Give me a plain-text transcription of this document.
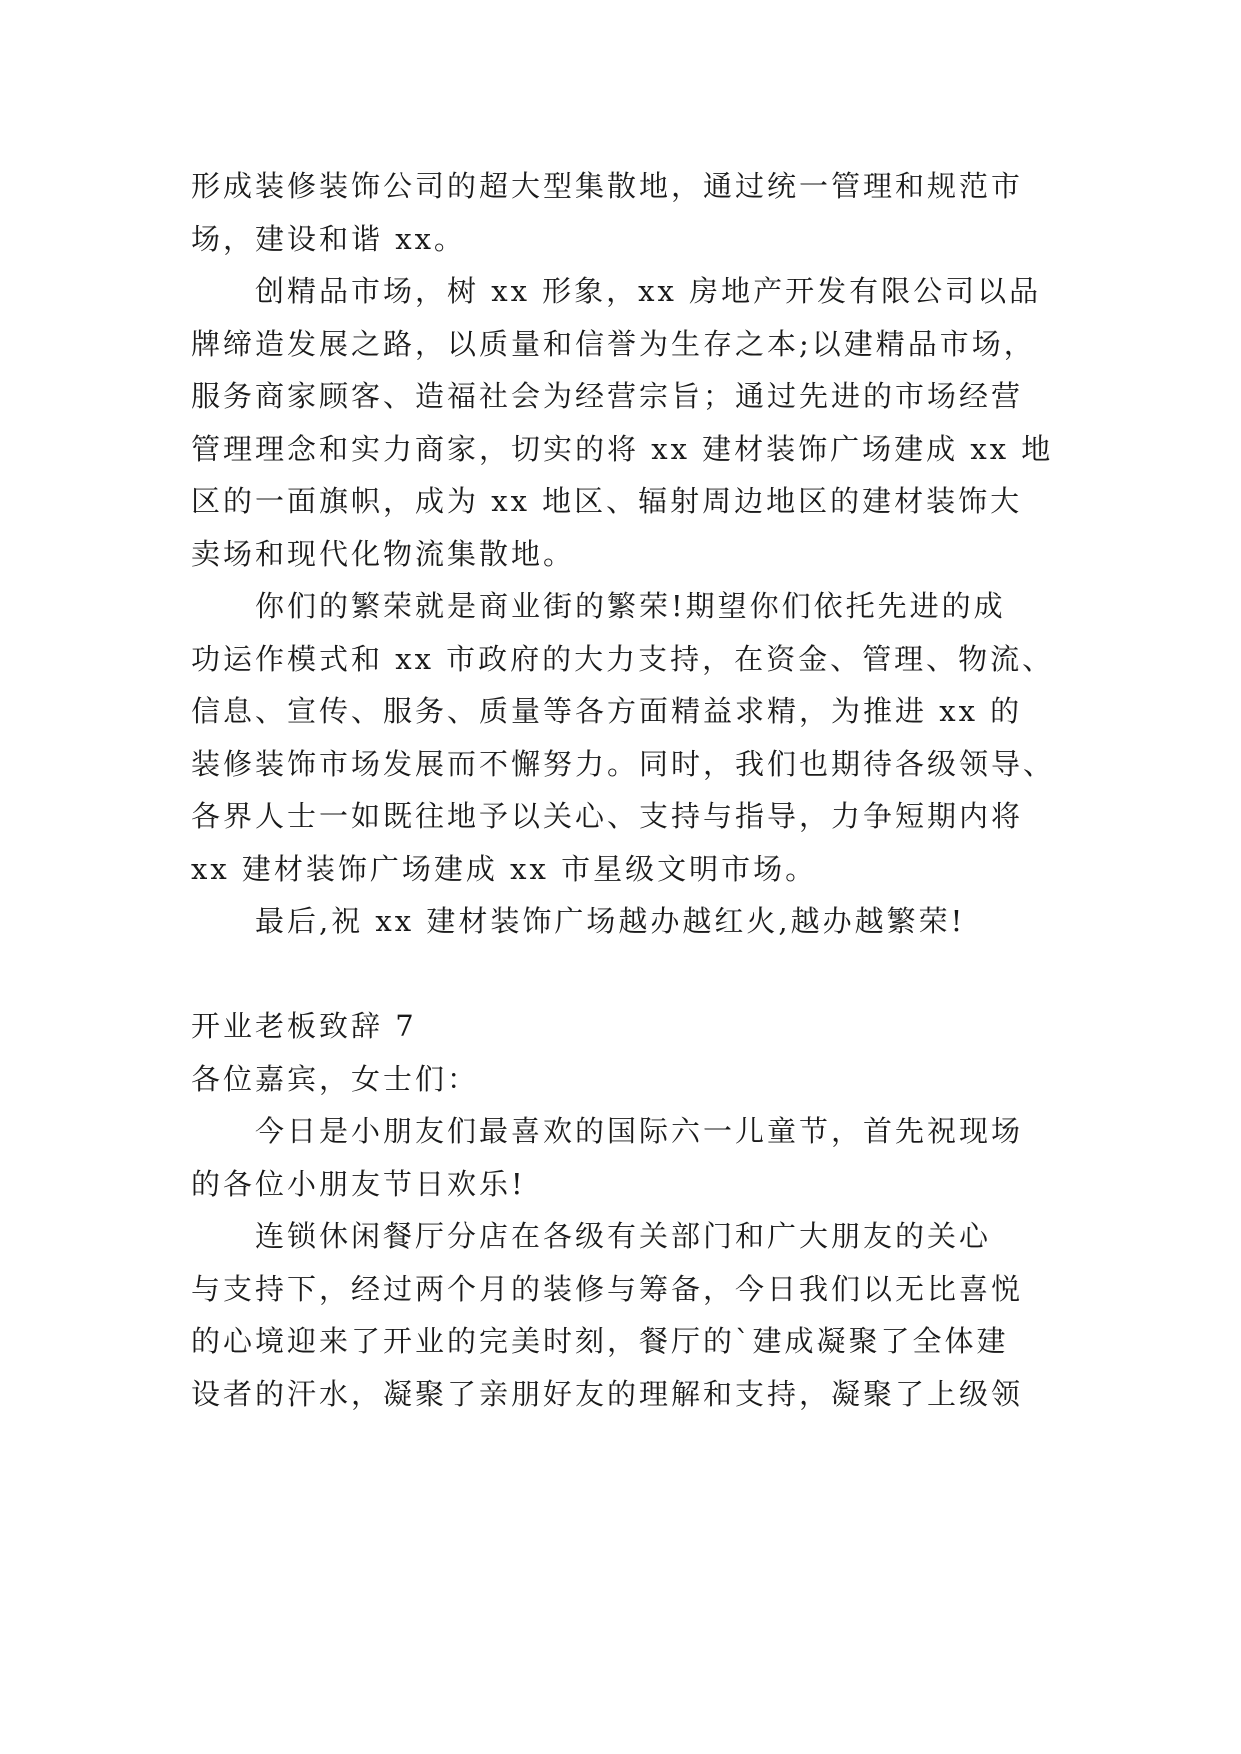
形成装修装饰公司的超大型集散地，通过统一管理和规范市
场，建设和谐 xx。
创精品市场，树 xx 形象，xx 房地产开发有限公司以品
牌缔造发展之路，以质量和信誉为生存之本;以建精品市场，
服务商家顾客、造福社会为经营宗旨；通过先进的市场经营
管理理念和实力商家，切实的将 xx 建材装饰广场建成 xx 地
区的一面旗帜，成为 xx 地区、辐射周边地区的建材装饰大
卖场和现代化物流集散地。
你们的繁荣就是商业街的繁荣!期望你们依托先进的成
功运作模式和 xx 市政府的大力支持，在资金、管理、物流、
信息、宣传、服务、质量等各方面精益求精，为推进 xx 的
装修装饰市场发展而不懈努力。同时，我们也期待各级领导、
各界人士一如既往地予以关心、支持与指导，力争短期内将
xx 建材装饰广场建成 xx 市星级文明市场。
最后,祝 xx 建材装饰广场越办越红火,越办越繁荣!
开业老板致辞 7
各位嘉宾，女士们：
今日是小朋友们最喜欢的国际六一儿童节，首先祝现场
的各位小朋友节日欢乐!
连锁休闲餐厅分店在各级有关部门和广大朋友的关心
与支持下，经过两个月的装修与筹备，今日我们以无比喜悦
的心境迎来了开业的完美时刻，餐厅的`建成凝聚了全体建
设者的汗水，凝聚了亲朋好友的理解和支持，凝聚了上级领
